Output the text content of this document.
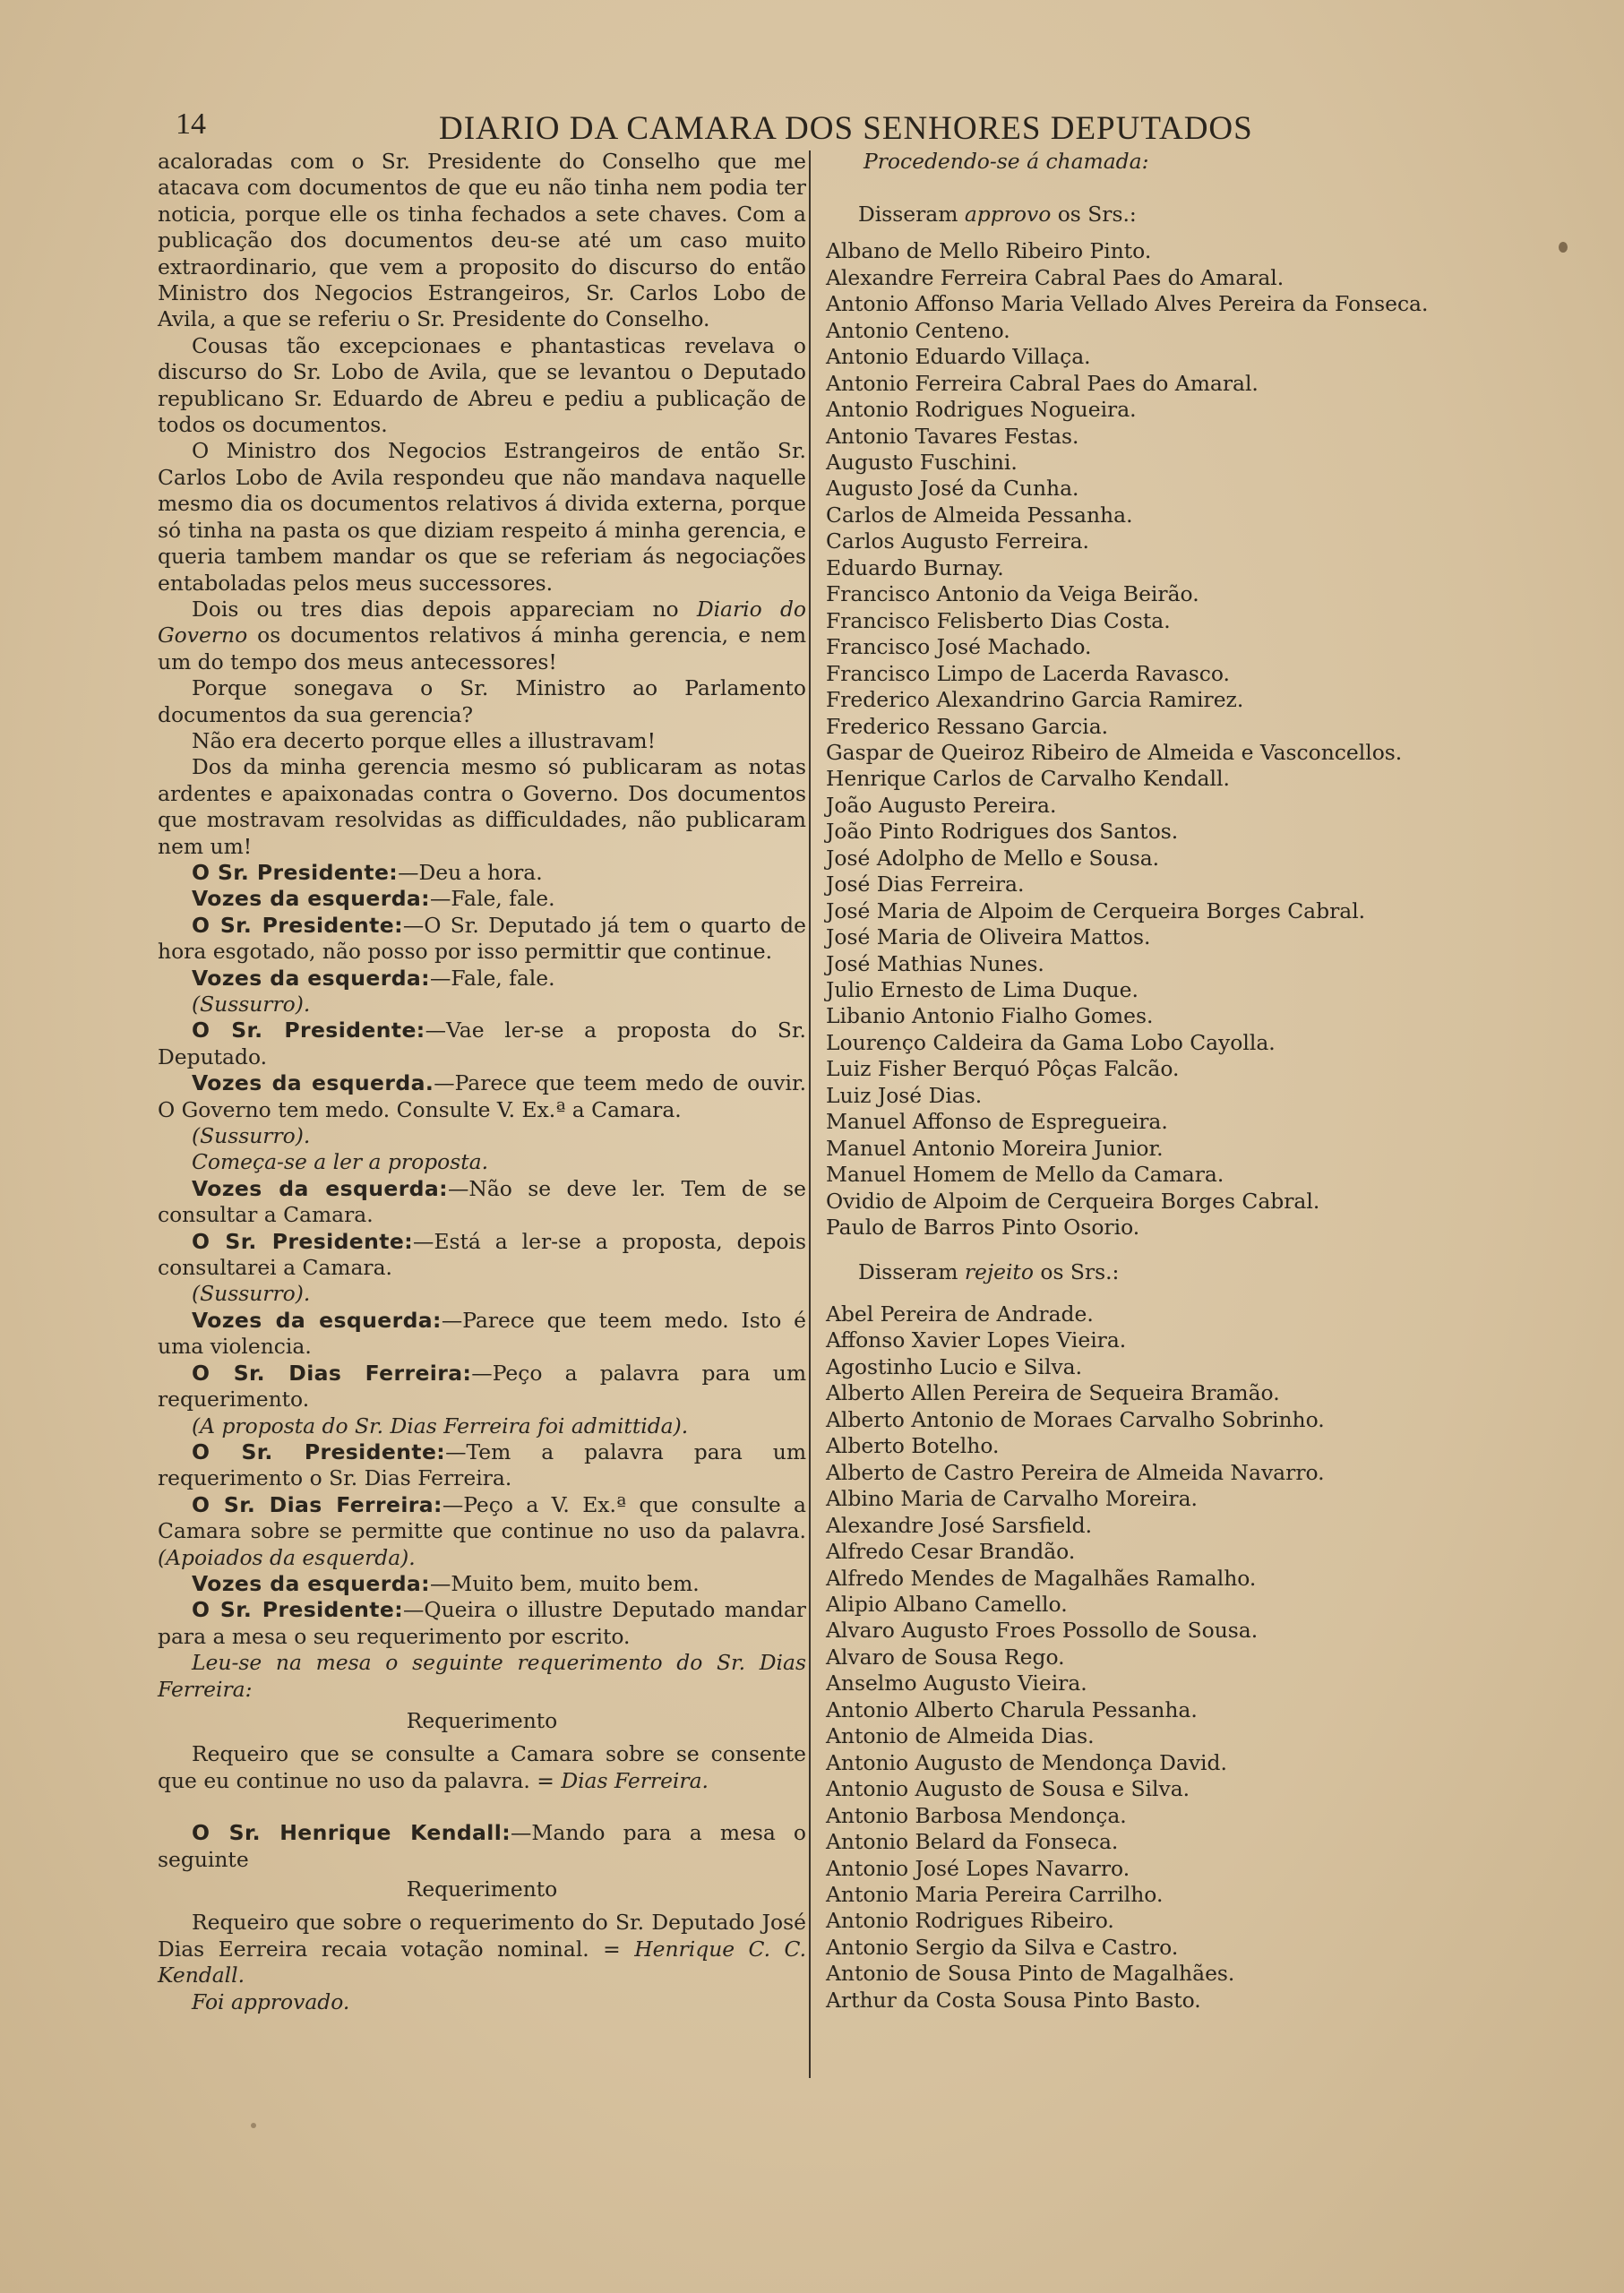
14	DIARIO DA CAMARA DOS SENHORES DEPUTADOS

acaloradas com o Sr. Presidente do Conselho que me atacava com documentos de que eu não tinha nem podia ter noticia, porque elle os tinha fechados a sete chaves. Com a publicação dos documentos deu-se até um caso muito extraordinario, que vem a proposito do discurso do então Ministro dos Negocios Estrangeiros, Sr. Carlos Lobo de Avila, a que se referiu o Sr. Presidente do Conselho.

Cousas tão excepcionaes e phantasticas revelava o discurso do Sr. Lobo de Avila, que se levantou o Deputado republicano Sr. Eduardo de Abreu e pediu a publicação de todos os documentos.

O Ministro dos Negocios Estrangeiros de então Sr. Carlos Lobo de Avila respondeu que não mandava naquelle mesmo dia os documentos relativos á divida externa, porque só tinha na pasta os que diziam respeito á minha gerencia, e queria tambem mandar os que se referiam ás negociações entaboladas pelos meus successores.

Dois ou tres dias depois appareciam no Diario do Governo os documentos relativos á minha gerencia, e nem um do tempo dos meus antecessores!

Porque sonegava o Sr. Ministro ao Parlamento documentos da sua gerencia?

Não era decerto porque elles a illustravam!

Dos da minha gerencia mesmo só publicaram as notas ardentes e apaixonadas contra o Governo. Dos documentos que mostravam resolvidas as difficuldades, não publicaram nem um!

O Sr. Presidente:—Deu a hora.

Vozes da esquerda:—Fale, fale.

O Sr. Presidente:—O Sr. Deputado já tem o quarto de hora esgotado, não posso por isso permittir que continue.

Vozes da esquerda:—Fale, fale.

(Sussurro).

O Sr. Presidente:—Vae ler-se a proposta do Sr. Deputado.

Vozes da esquerda.—Parece que teem medo de ouvir. O Governo tem medo. Consulte V. Ex.ª a Camara.

(Sussurro).

Começa-se a ler a proposta.

Vozes da esquerda:—Não se deve ler. Tem de se consultar a Camara.

O Sr. Presidente:—Está a ler-se a proposta, depois consultarei a Camara.

(Sussurro).

Vozes da esquerda:—Parece que teem medo. Isto é uma violencia.

O Sr. Dias Ferreira:—Peço a palavra para um requerimento.

(A proposta do Sr. Dias Ferreira foi admittida).

O Sr. Presidente:—Tem a palavra para um requerimento o Sr. Dias Ferreira.

O Sr. Dias Ferreira:—Peço a V. Ex.ª que consulte a Camara sobre se permitte que continue no uso da palavra. (Apoiados da esquerda).

Vozes da esquerda:—Muito bem, muito bem.

O Sr. Presidente:—Queira o illustre Deputado mandar para a mesa o seu requerimento por escrito.

Leu-se na mesa o seguinte requerimento do Sr. Dias Ferreira:

Requerimento

Requeiro que se consulte a Camara sobre se consente que eu continue no uso da palavra. = Dias Ferreira.

O Sr. Henrique Kendall:—Mando para a mesa o seguinte

Requerimento

Requeiro que sobre o requerimento do Sr. Deputado José Dias Eerreira recaia votação nominal. = Henrique C. C. Kendall.

Foi approvado.

Procedendo-se á chamada:
Disseram approvo os Srs.:
Albano de Mello Ribeiro Pinto.
Alexandre Ferreira Cabral Paes do Amaral.
Antonio Affonso Maria Vellado Alves Pereira da Fonseca.
Antonio Centeno.
Antonio Eduardo Villaça.
Antonio Ferreira Cabral Paes do Amaral.
Antonio Rodrigues Nogueira.
Antonio Tavares Festas.
Augusto Fuschini.
Augusto José da Cunha.
Carlos de Almeida Pessanha.
Carlos Augusto Ferreira.
Eduardo Burnay.
Francisco Antonio da Veiga Beirão.
Francisco Felisberto Dias Costa.
Francisco José Machado.
Francisco Limpo de Lacerda Ravasco.
Frederico Alexandrino Garcia Ramirez.
Frederico Ressano Garcia.
Gaspar de Queiroz Ribeiro de Almeida e Vasconcellos.
Henrique Carlos de Carvalho Kendall.
João Augusto Pereira.
João Pinto Rodrigues dos Santos.
José Adolpho de Mello e Sousa.
José Dias Ferreira.
José Maria de Alpoim de Cerqueira Borges Cabral.
José Maria de Oliveira Mattos.
José Mathias Nunes.
Julio Ernesto de Lima Duque.
Libanio Antonio Fialho Gomes.
Lourenço Caldeira da Gama Lobo Cayolla.
Luiz Fisher Berquó Pôças Falcão.
Luiz José Dias.
Manuel Affonso de Espregueira.
Manuel Antonio Moreira Junior.
Manuel Homem de Mello da Camara.
Ovidio de Alpoim de Cerqueira Borges Cabral.
Paulo de Barros Pinto Osorio.
Disseram rejeito os Srs.:
Abel Pereira de Andrade.
Affonso Xavier Lopes Vieira.
Agostinho Lucio e Silva.
Alberto Allen Pereira de Sequeira Bramão.
Alberto Antonio de Moraes Carvalho Sobrinho.
Alberto Botelho.
Alberto de Castro Pereira de Almeida Navarro.
Albino Maria de Carvalho Moreira.
Alexandre José Sarsfield.
Alfredo Cesar Brandão.
Alfredo Mendes de Magalhães Ramalho.
Alipio Albano Camello.
Alvaro Augusto Froes Possollo de Sousa.
Alvaro de Sousa Rego.
Anselmo Augusto Vieira.
Antonio Alberto Charula Pessanha.
Antonio de Almeida Dias.
Antonio Augusto de Mendonça David.
Antonio Augusto de Sousa e Silva.
Antonio Barbosa Mendonça.
Antonio Belard da Fonseca.
Antonio José Lopes Navarro.
Antonio Maria Pereira Carrilho.
Antonio Rodrigues Ribeiro.
Antonio Sergio da Silva e Castro.
Antonio de Sousa Pinto de Magalhães.
Arthur da Costa Sousa Pinto Basto.
